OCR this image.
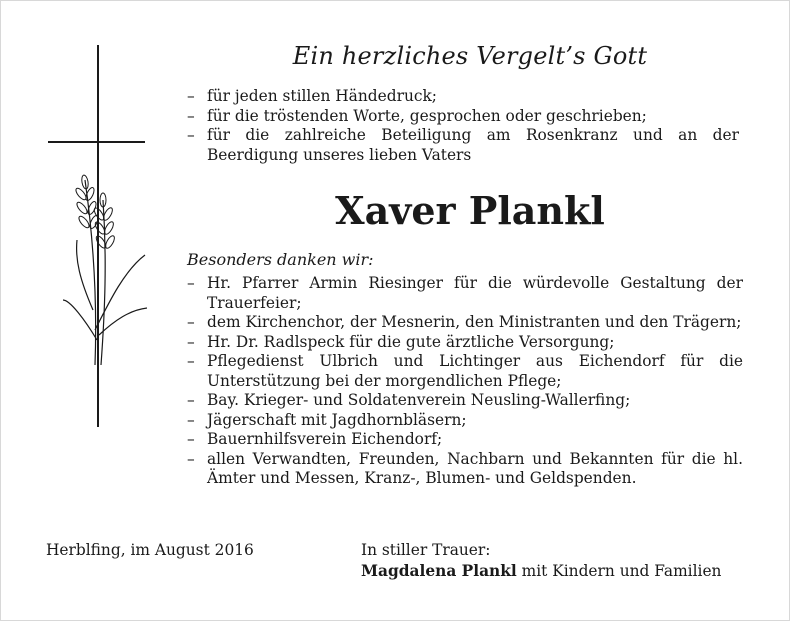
Ein herzliches Vergelt’s Gott
– für jeden stillen Händedruck;
– für die tröstenden Worte, gesprochen oder geschrieben;
– für die zahlreiche Beteiligung am Rosenkranz und an der Beerdigung unseres lieben Vaters
Xaver Plankl
Besonders danken wir:
– Hr. Pfarrer Armin Riesinger für die würdevolle Gestaltung der Trauerfeier;
– dem Kirchenchor, der Mesnerin, den Ministranten und den Trägern;
– Hr. Dr. Radlspeck für die gute ärztliche Versorgung;
– Pflegedienst Ulbrich und Lichtinger aus Eichendorf für die Unterstützung bei der morgendlichen Pflege;
– Bay. Krieger- und Soldatenverein Neusling-Wallerfing;
– Jägerschaft mit Jagdhornbläsern;
– Bauernhilfsverein Eichendorf;
– allen Verwandten, Freunden, Nachbarn und Bekannten für die hl. Ämter und Messen, Kranz-, Blumen- und Geldspenden.
Herblfing, im August 2016	In stiller Trauer:
Magdalena Plankl mit Kindern und Familien
